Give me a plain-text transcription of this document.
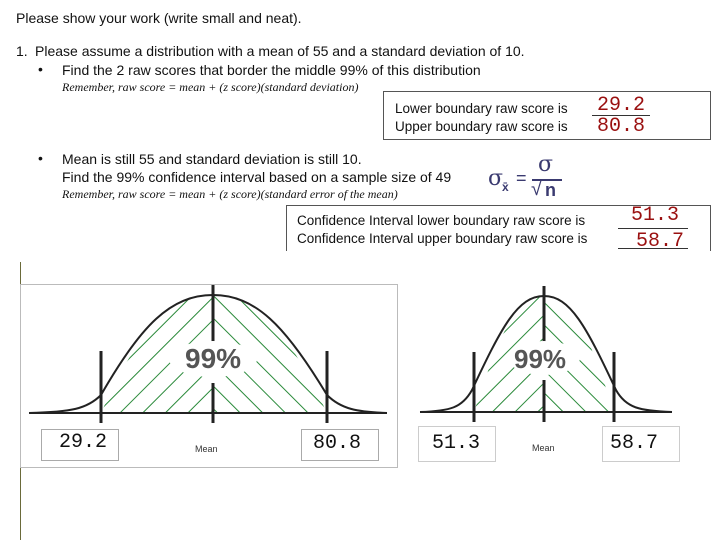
Please show your work (write small and neat).
1. Please assume a distribution with a mean of 55 and a standard deviation of 10.
• Find the 2 raw scores that border the middle 99% of this distribution
Remember, raw score = mean + (z score)(standard deviation)
Lower boundary raw score is
Upper boundary raw score is
29.2
80.8
• Mean is still 55 and standard deviation is still 10.
Find the 99% confidence interval based on a sample size of 49
Remember, raw score = mean + (z score)(standard error of the mean)
σ
x̄ =
σ
√ n
Confidence Interval lower boundary raw score is
Confidence Interval upper boundary raw score is
51.3
58.7
99%
Mean
29.2	80.8
99%
Mean
51.3	58.7
